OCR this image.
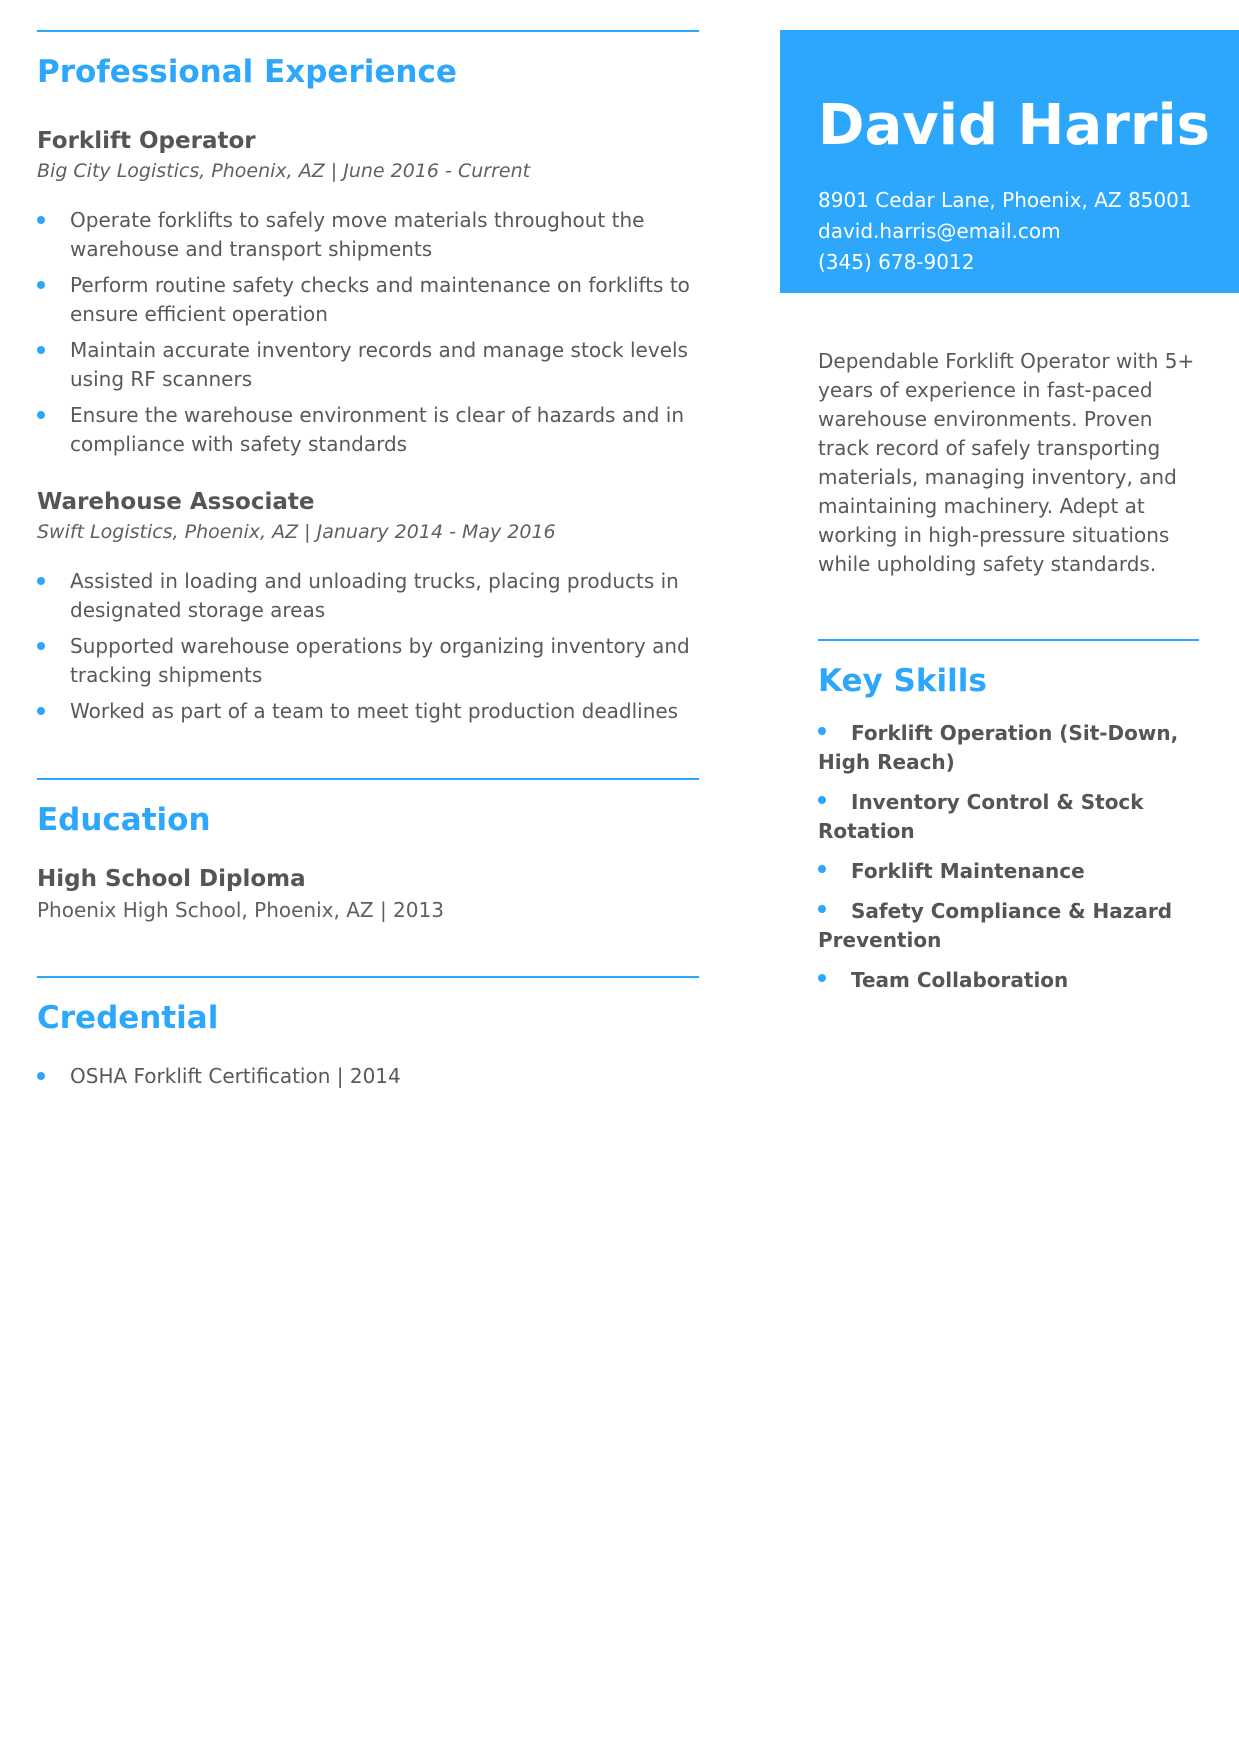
Professional Experience
Forklift Operator

Big City Logistics, Phoenix, AZ | June 2016 - Current

Operate forklifts to safely move materials throughout the warehouse and transport shipments
Perform routine safety checks and maintenance on forklifts to ensure efficient operation
Maintain accurate inventory records and manage stock levels using RF scanners
Ensure the warehouse environment is clear of hazards and in compliance with safety standards
Warehouse Associate

Swift Logistics, Phoenix, AZ | January 2014 - May 2016

Assisted in loading and unloading trucks, placing products in designated storage areas
Supported warehouse operations by organizing inventory and tracking shipments
Worked as part of a team to meet tight production deadlines
Education
High School Diploma

Phoenix High School, Phoenix, AZ | 2013

Credential
OSHA Forklift Certification | 2014
David Harris
8901 Cedar Lane, Phoenix, AZ 85001
david.harris@email.com
(345) 678-9012

Dependable Forklift Operator with 5+ years of experience in fast-paced warehouse environments. Proven track record of safely transporting materials, managing inventory, and maintaining machinery. Adept at working in high-pressure situations while upholding safety standards.

Key Skills
Forklift Operation (Sit-Down, High Reach)
Inventory Control & Stock Rotation
Forklift Maintenance
Safety Compliance & Hazard Prevention
Team Collaboration
